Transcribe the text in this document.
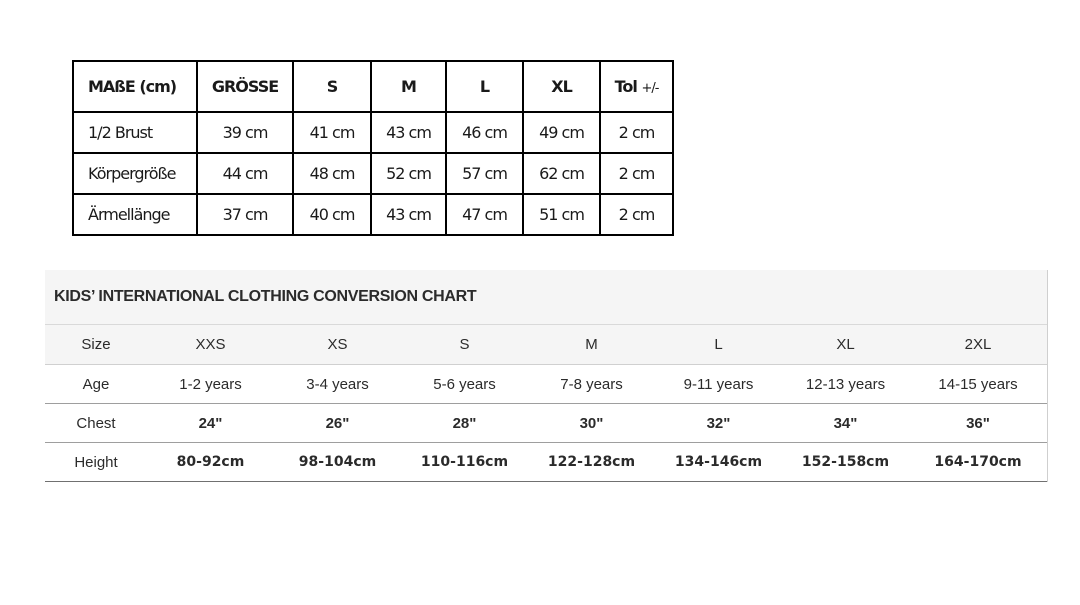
MAßE (cm)	GRÖSSE	S	M	L	XL	Tol +/-
1/2 Brust	39 cm	41 cm	43 cm	46 cm	49 cm	2 cm
Körpergröße	44 cm	48 cm	52 cm	57 cm	62 cm	2 cm
Ärmellänge	37 cm	40 cm	43 cm	47 cm	51 cm	2 cm
KIDS’ INTERNATIONAL CLOTHING CONVERSION CHART
Size	XXS	XS	S	M	L	XL	2XL
Age	1-2 years	3-4 years	5-6 years	7-8 years	9-11 years	12-13 years	14-15 years
Chest	24"	26"	28"	30"	32"	34"	36"
Height	80-92cm	98-104cm	110-116cm	122-128cm	134-146cm	152-158cm	164-170cm
